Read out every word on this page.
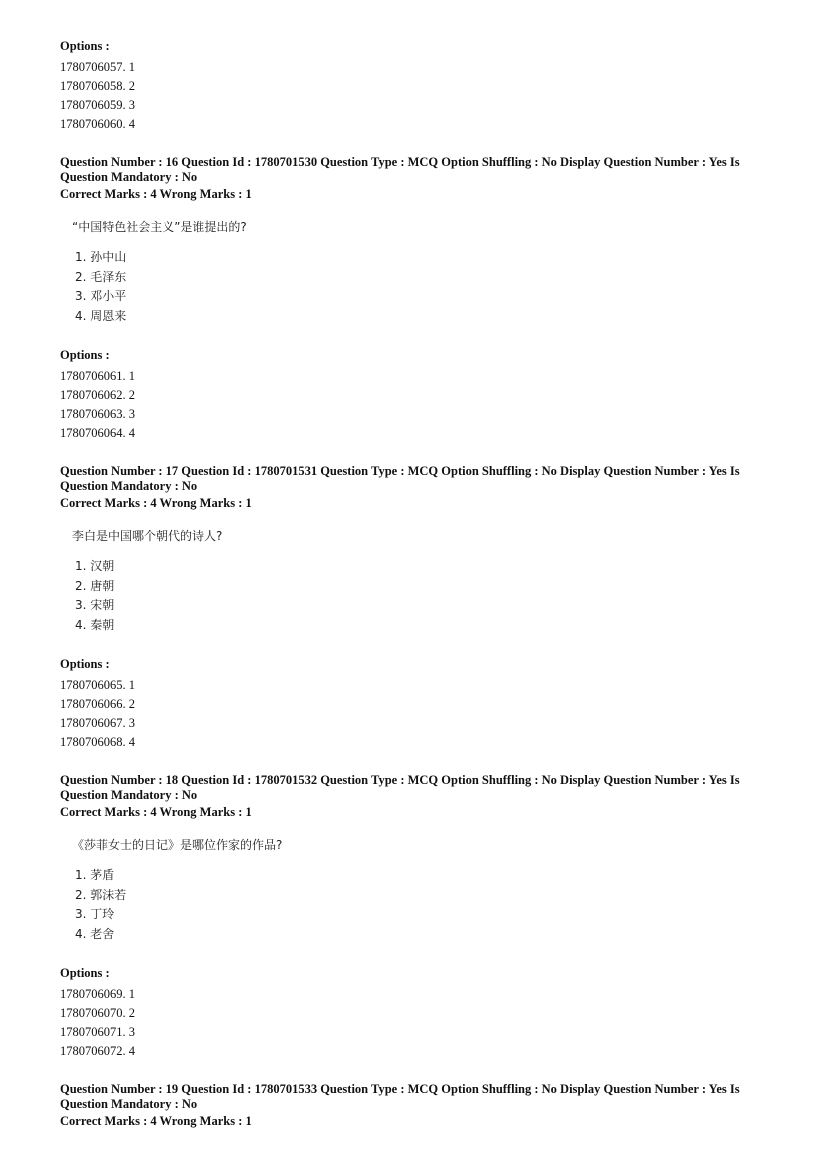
Options :

1780706057. 1

1780706058. 2

1780706059. 3

1780706060. 4

Question Number : 16 Question Id : 1780701530 Question Type : MCQ Option Shuffling : No Display Question Number : Yes Is
Question Mandatory : No

Correct Marks : 4 Wrong Marks : 1

“中国特色社会主义”是谁提出的?

1. 孙中山
2. 毛泽东
3. 邓小平
4. 周恩来

Options :

1780706061. 1

1780706062. 2

1780706063. 3

1780706064. 4

Question Number : 17 Question Id : 1780701531 Question Type : MCQ Option Shuffling : No Display Question Number : Yes Is
Question Mandatory : No

Correct Marks : 4 Wrong Marks : 1

李白是中国哪个朝代的诗人?

1. 汉朝
2. 唐朝
3. 宋朝
4. 秦朝

Options :

1780706065. 1

1780706066. 2

1780706067. 3

1780706068. 4

Question Number : 18 Question Id : 1780701532 Question Type : MCQ Option Shuffling : No Display Question Number : Yes Is
Question Mandatory : No

Correct Marks : 4 Wrong Marks : 1

《莎菲女士的日记》是哪位作家的作品?

1. 茅盾
2. 郭沫若
3. 丁玲
4. 老舍

Options :

1780706069. 1

1780706070. 2

1780706071. 3

1780706072. 4

Question Number : 19 Question Id : 1780701533 Question Type : MCQ Option Shuffling : No Display Question Number : Yes Is
Question Mandatory : No

Correct Marks : 4 Wrong Marks : 1
